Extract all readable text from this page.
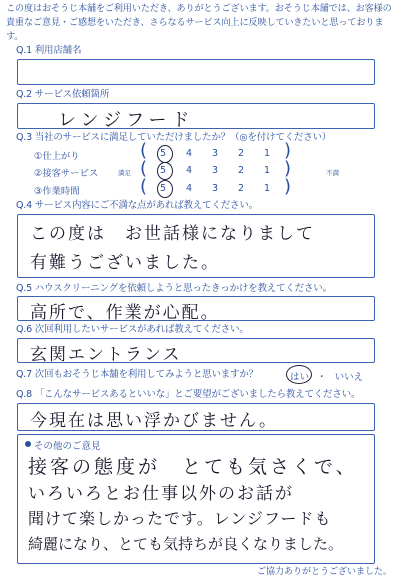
この度はおそうじ本舗をご利用いただき、ありがとうございます。おそうじ本舗では、お客様の貴重なご意見・ご感想をいただき、さらなるサービス向上に反映していきたいと思っております。
Q.1 利用店舗名
Q.2 サービス依頼箇所
レンジフード
Q.3 当社のサービスに満足していただけましたか？（◎を付けてください）
①仕上がり
②接客サービス
③作業時間
満足	不満
(
(
(
)
)
)
5 4 3 2 1
5 4 3 2 1
5 4 3 2 1
Q.4 サービス内容にご不満な点があれば教えてください。
この度は　お世話様になりまして
有難うございました。
Q.5 ハウスクリーニングを依頼しようと思ったきっかけを教えてください。
高所で、作業が心配。
Q.6 次回利用したいサービスがあれば教えてください。
玄関エントランス
Q.7 次回もおそうじ本舗を利用してみようと思いますか？	はい ・ いいえ
Q.8 「こんなサービスあるといいな」とご要望がございましたら教えてください。
今現在は思い浮かびません。
その他のご意見
接客の態度が　とても気さくで、
いろいろとお仕事以外のお話が
聞けて楽しかったです。レンジフードも
綺麗になり、とても気持ちが良くなりました。
ご協力ありがとうございました。
